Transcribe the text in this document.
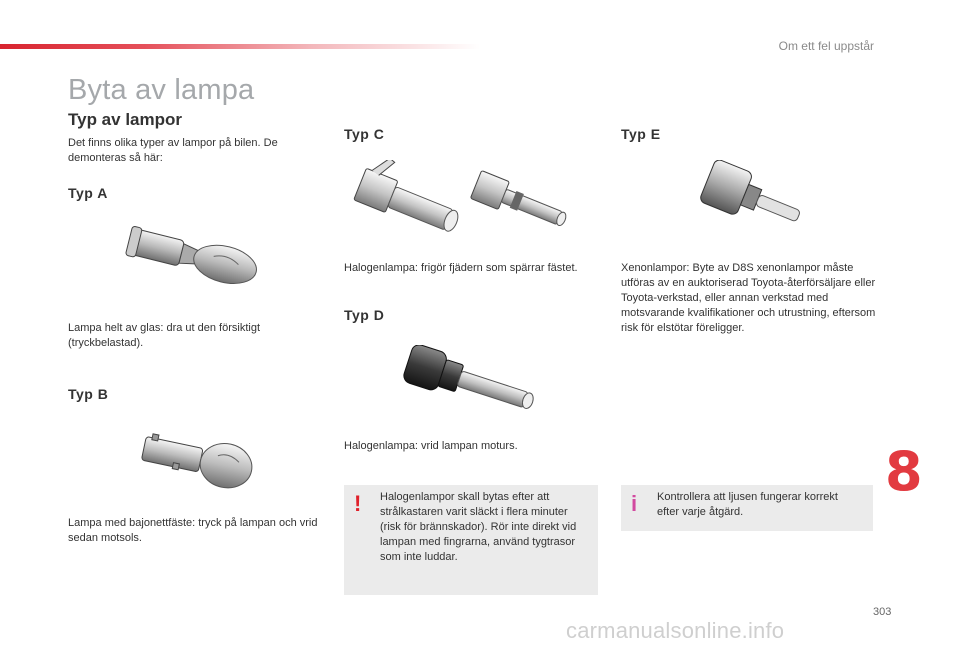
Om ett fel uppstår
Byta av lampa
Typ av lampor
Det finns olika typer av lampor på bilen. De demonteras så här:
Typ A
Lampa helt av glas: dra ut den försiktigt (tryckbelastad).
Typ B
Lampa med bajonettfäste: tryck på lampan och vrid sedan motsols.
Typ C
Halogenlampa: frigör fjädern som spärrar fästet.
Typ D
Halogenlampa: vrid lampan moturs.
Typ E
Xenonlampor: Byte av D8S xenonlampor måste utföras av en auktoriserad Toyota-återförsäljare eller Toyota-verkstad, eller annan verkstad med motsvarande kvalifikationer och utrustning, eftersom risk för elstötar föreligger.
! Halogenlampor skall bytas efter att strålkastaren varit släckt i flera minuter (risk för brännskador). Rör inte direkt vid lampan med fingrarna, använd tygtrasor som inte luddar.
i Kontrollera att ljusen fungerar korrekt efter varje åtgärd.
8
303
carmanualsonline.info
